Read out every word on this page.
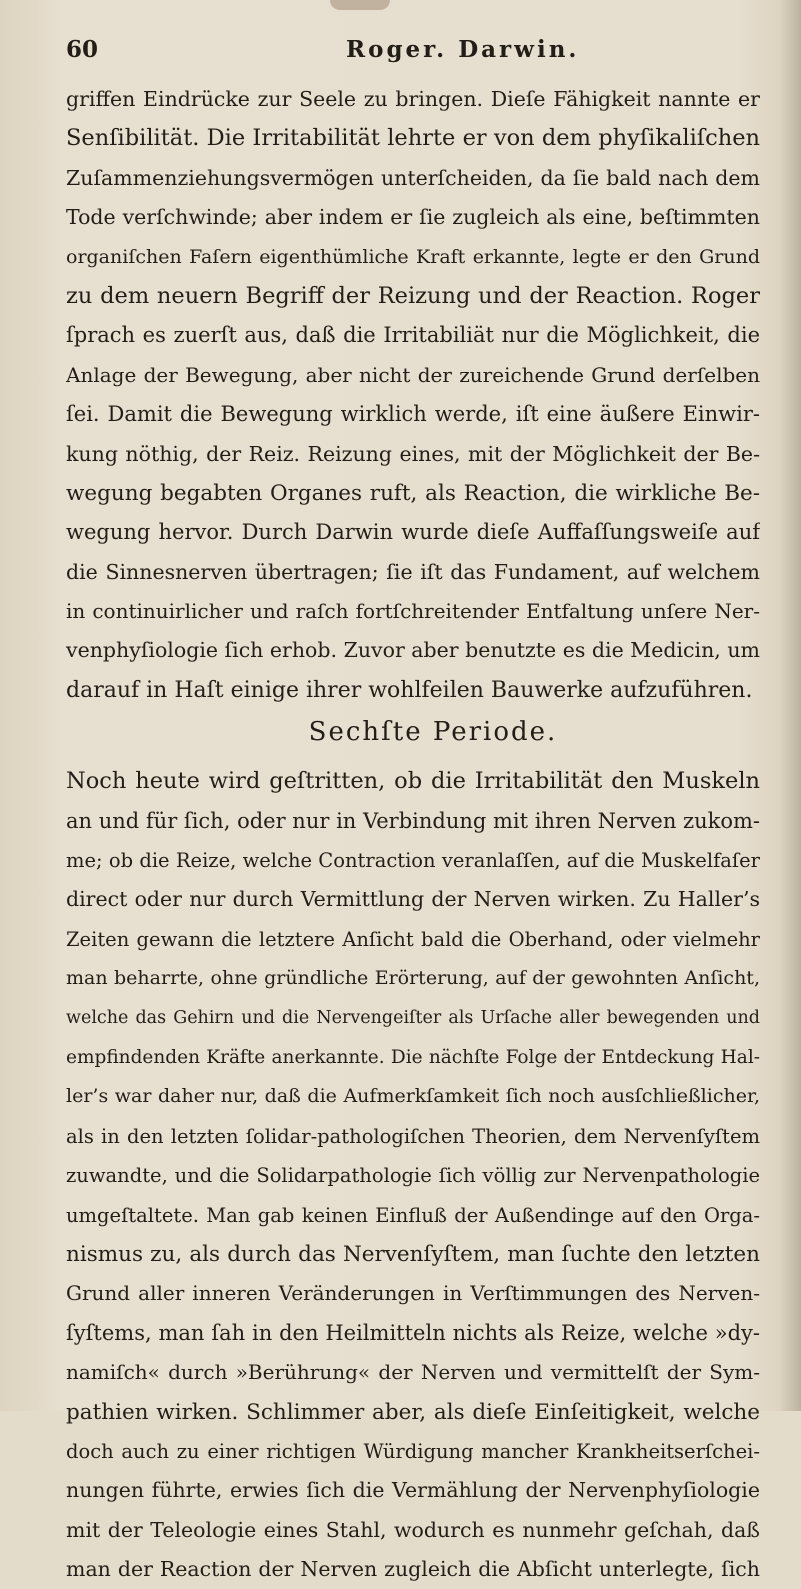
60	Roger. Darwin.
griffen Eindrücke zur Seele zu bringen. Dieſe Fähigkeit nannte er
Senſibilität. Die Irritabilität lehrte er von dem phyſikaliſchen
Zuſammenziehungsvermögen unterſcheiden, da ſie bald nach dem
Tode verſchwinde; aber indem er ſie zugleich als eine, beſtimmten
organiſchen Faſern eigenthümliche Kraft erkannte, legte er den Grund
zu dem neuern Begriff der Reizung und der Reaction. Roger
ſprach es zuerſt aus, daß die Irritabiliät nur die Möglichkeit, die
Anlage der Bewegung, aber nicht der zureichende Grund derſelben
ſei. Damit die Bewegung wirklich werde, iſt eine äußere Einwir-
kung nöthig, der Reiz. Reizung eines, mit der Möglichkeit der Be-
wegung begabten Organes ruft, als Reaction, die wirkliche Be-
wegung hervor. Durch Darwin wurde dieſe Auffaſſungsweiſe auf
die Sinnesnerven übertragen; ſie iſt das Fundament, auf welchem
in continuirlicher und raſch fortſchreitender Entfaltung unſere Ner-
venphyſiologie ſich erhob. Zuvor aber benutzte es die Medicin, um
darauf in Haſt einige ihrer wohlfeilen Bauwerke aufzuführen.
Sechſte Periode.
Noch heute wird geſtritten, ob die Irritabilität den Muskeln
an und für ſich, oder nur in Verbindung mit ihren Nerven zukom-
me; ob die Reize, welche Contraction veranlaſſen, auf die Muskelfaſer
direct oder nur durch Vermittlung der Nerven wirken. Zu Haller’s
Zeiten gewann die letztere Anſicht bald die Oberhand, oder vielmehr
man beharrte, ohne gründliche Erörterung, auf der gewohnten Anſicht,
welche das Gehirn und die Nervengeiſter als Urſache aller bewegenden und
empfindenden Kräfte anerkannte. Die nächſte Folge der Entdeckung Hal-
ler’s war daher nur, daß die Aufmerkſamkeit ſich noch ausſchließlicher,
als in den letzten ſolidar-pathologiſchen Theorien, dem Nervenſyſtem
zuwandte, und die Solidarpathologie ſich völlig zur Nervenpathologie
umgeſtaltete. Man gab keinen Einfluß der Außendinge auf den Orga-
nismus zu, als durch das Nervenſyſtem, man ſuchte den letzten
Grund aller inneren Veränderungen in Verſtimmungen des Nerven-
ſyſtems, man ſah in den Heilmitteln nichts als Reize, welche »dy-
namiſch« durch »Berührung« der Nerven und vermittelſt der Sym-
pathien wirken. Schlimmer aber, als dieſe Einſeitigkeit, welche
doch auch zu einer richtigen Würdigung mancher Krankheitserſchei-
nungen führte, erwies ſich die Vermählung der Nervenphyſiologie
mit der Teleologie eines Stahl, wodurch es nunmehr geſchah, daß
man der Reaction der Nerven zugleich die Abſicht unterlegte, ſich
